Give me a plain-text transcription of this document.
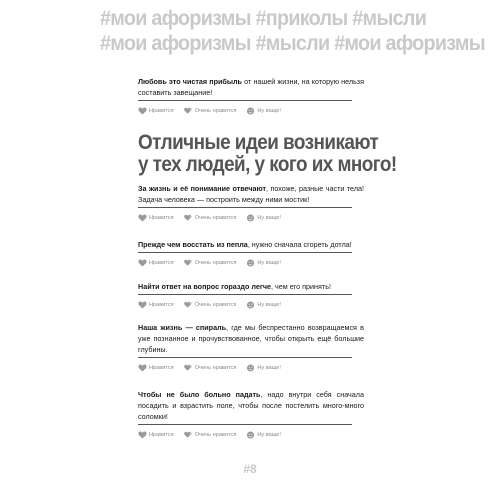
#мои афоризмы #приколы #мысли
#мои афоризмы #мысли #мои афоризмы

Любовь это чистая прибыль от нашей жизни, на которую нельзя составить завещание!

Нравится	Очень нравится	Ну ваще!
Отличные идеи возникают
у тех людей, у кого их много!

За жизнь и её понимание отвечают, похоже, разные части тела! Задача человека — построить между ними мостик!

Нравится	Очень нравится	Ну ваще!

Прежде чем восстать из пепла, нужно сначала сгореть дотла!

Нравится	Очень нравится	Ну ваще!

Найти ответ на вопрос гораздо легче, чем его принять!

Нравится	Очень нравится	Ну ваще!

Наша жизнь — спираль, где мы беспрестанно возвращаемся в уже познанное и прочувствованное, чтобы открыть ещё большие глубины.

Нравится	Очень нравится	Ну ваще!

Чтобы не было больно падать, надо внутри себя сначала посадить и взрастить поле, чтобы после постелить много-много соломки!

Нравится	Очень нравится	Ну ваще!
#8
